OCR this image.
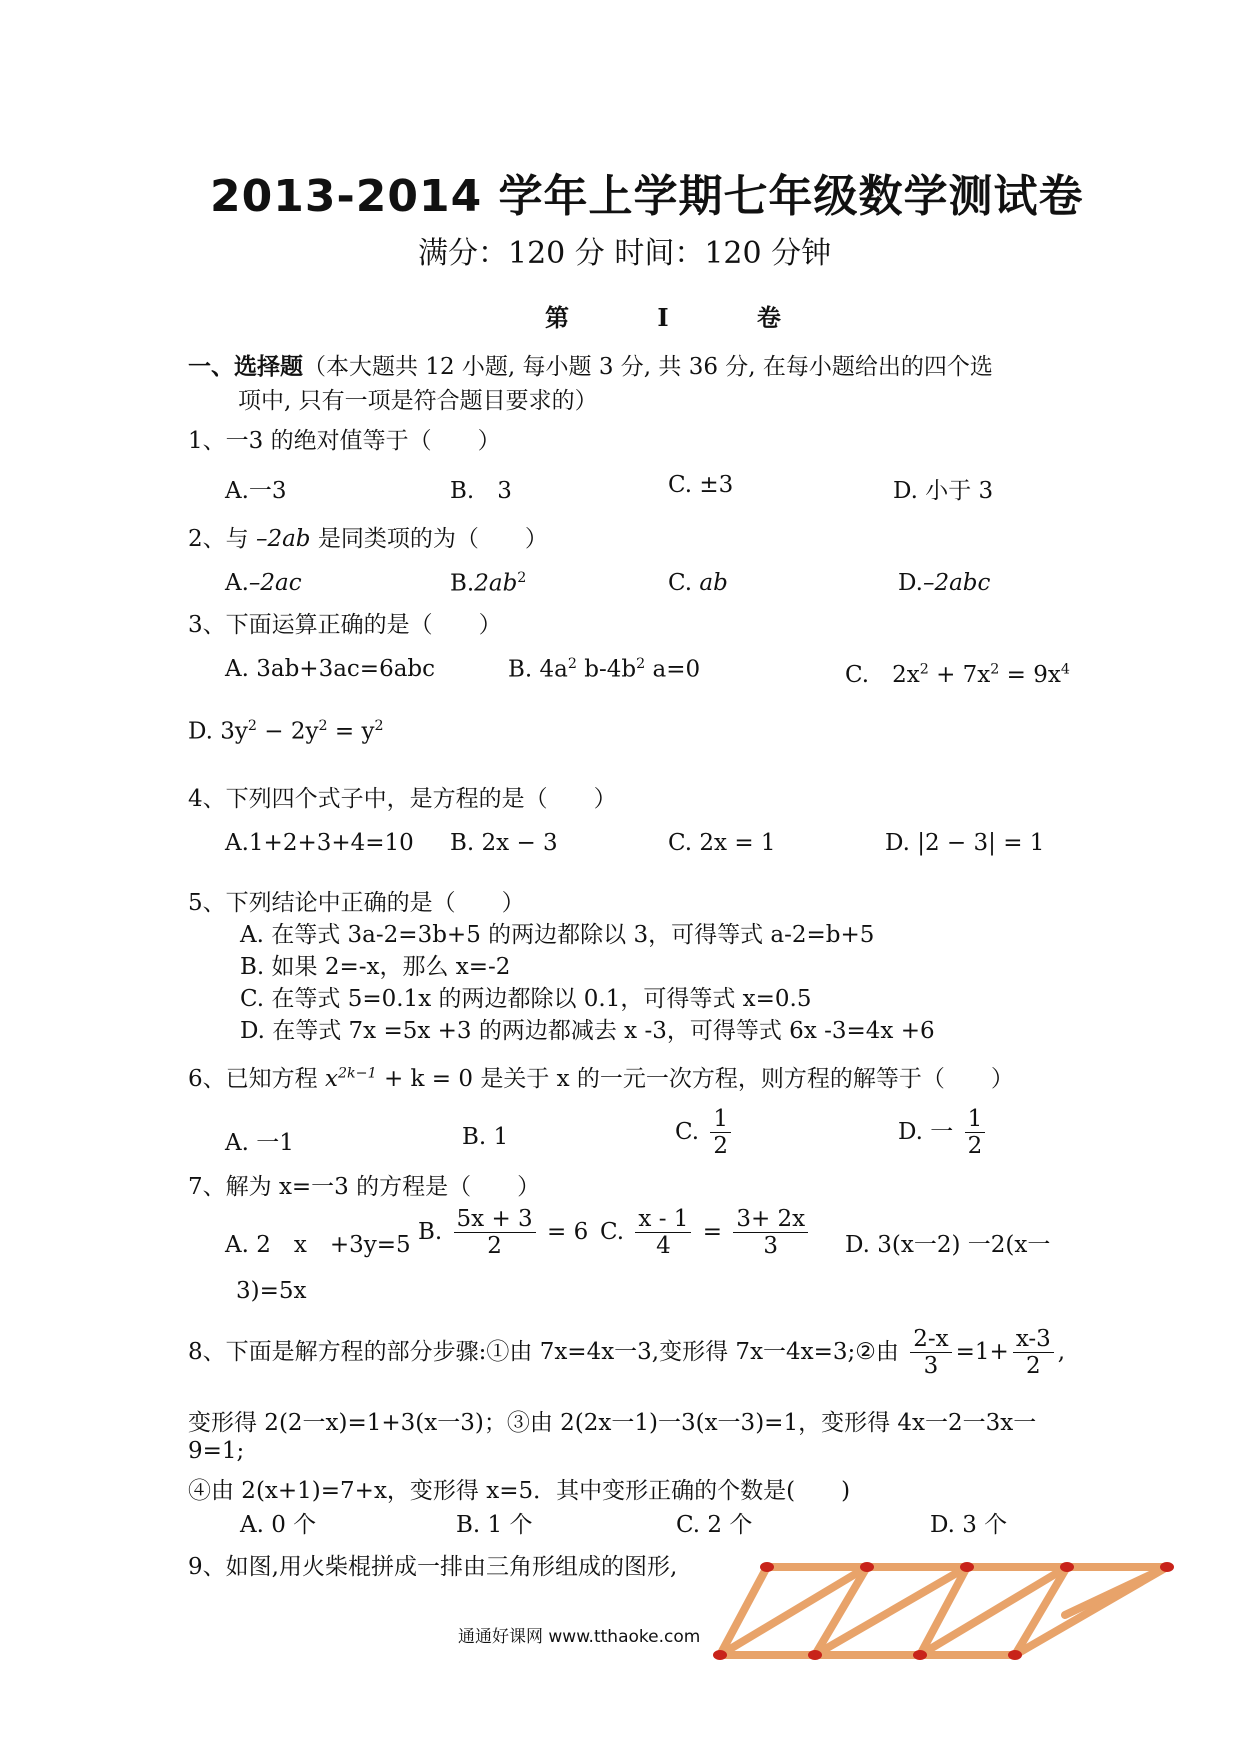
2013-2014 学年上学期七年级数学测试卷
满分：120 分 时间：120 分钟
第 Ⅰ 卷
一、选择题（本大题共 12 小题, 每小题 3 分, 共 36 分, 在每小题给出的四个选
项中, 只有一项是符合题目要求的）
1、一3 的绝对值等于（　　）
A.一3	B.　3	C. ±3	D. 小于 3
2、与 –2ab 是同类项的为（　　）
A.–2ac	$B.2ab^2$	C. ab	D.–2abc
3、下面运算正确的是（　　）
A. 3ab+3ac=6abc	B. $4a^2$ $b-4b^2$ a=0	C.　$2x^2 + 7x^2 = 9x^4$
D. $3y^2 - 2y^2 = y^2$
4、下列四个式子中，是方程的是（　　）
A.1+2+3+4=10 B. 2x − 3	C. 2x = 1	D. |2 − 3| = 1
5、下列结论中正确的是（　　）
A. 在等式 3a-2=3b+5 的两边都除以 3，可得等式 a-2=b+5
B. 如果 2=-x，那么 x=-2
C. 在等式 5=0.1x 的两边都除以 0.1，可得等式 x=0.5
D. 在等式 7x =5x +3 的两边都减去 x -3，可得等式 6x -3=4x +6
6、已知方程 $x^{2k-1} + k = 0$ 是关于 x 的一元一次方程，则方程的解等于（　　）
A. 一1	B. 1	C. $\frac{1}{2}$	D. 一 $\frac{1}{2}$
7、解为 x=一3 的方程是（　　）
A. 2　x　+3y=5
B. $\frac{5x + 3}{2} = 6$ C. $\frac{x - 1}{4} = \frac{3+ 2x}{3} D$. 3(x一2) 一2(x一
3)=5x
8、下面是解方程的部分步骤:①由 7x=4x一3,变形得 7x一4x=3;②由 $\frac{2-x}{3} =1+ \frac{x-3}{2}$ ,
变形得 2(2一x)=1+3(x一3)；③由 2(2x一1)一3(x一3)=1，变形得 4x一2一3x一
9=1;
④由 2(x+1)=7+x，变形得 x=5．其中变形正确的个数是(　　)
A. 0 个	B. 1 个	C. 2 个	D. 3 个
9、如图,用火柴棍拼成一排由三角形组成的图形,
通通好课网 www.tthaoke.com
